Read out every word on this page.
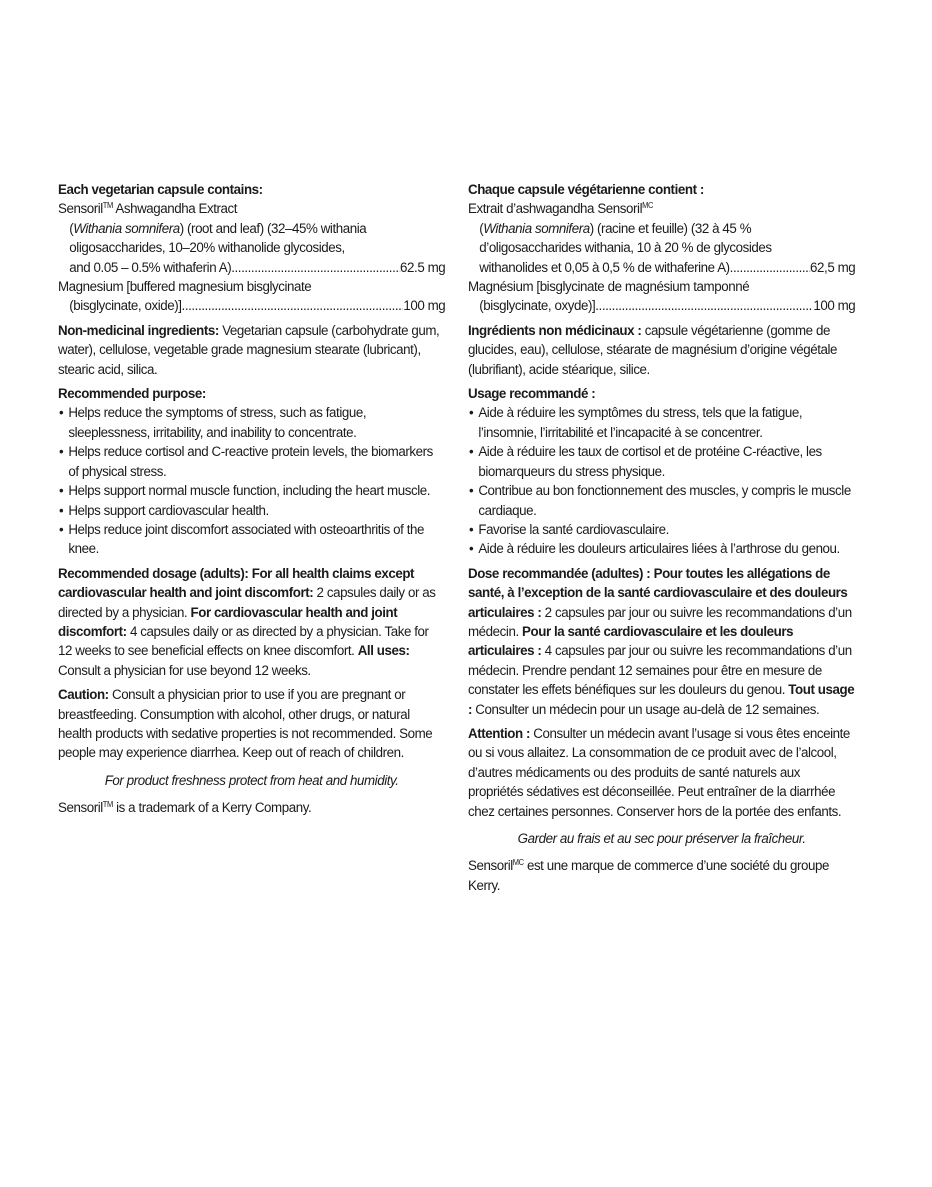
Each vegetarian capsule contains:
Sensoril™ Ashwagandha Extract
(Withania somnifera) (root and leaf) (32–45% withania
oligosaccharides, 10–20% withanolide glycosides,
and 0.05 – 0.5% withaferin A) .....	62.5 mg
Magnesium [buffered magnesium bisglycinate
(bisglycinate, oxide)] .....	100 mg
Non-medicinal ingredients: Vegetarian capsule (carbohydrate gum, water), cellulose, vegetable grade magnesium stearate (lubricant), stearic acid, silica.
Recommended purpose:
• Helps reduce the symptoms of stress, such as fatigue, sleeplessness, irritability, and inability to concentrate.
• Helps reduce cortisol and C-reactive protein levels, the biomarkers of physical stress.
• Helps support normal muscle function, including the heart muscle.
• Helps support cardiovascular health.
• Helps reduce joint discomfort associated with osteoarthritis of the knee.
Recommended dosage (adults): For all health claims except cardiovascular health and joint discomfort: 2 capsules daily or as directed by a physician. For cardiovascular health and joint discomfort: 4 capsules daily or as directed by a physician. Take for 12 weeks to see beneficial effects on knee discomfort. All uses: Consult a physician for use beyond 12 weeks.
Caution: Consult a physician prior to use if you are pregnant or breastfeeding. Consumption with alcohol, other drugs, or natural health products with sedative properties is not recommended. Some people may experience diarrhea. Keep out of reach of children.
For product freshness protect from heat and humidity.
Sensoril™ is a trademark of a Kerry Company.
Chaque capsule végétarienne contient :
Extrait d’ashwagandha Sensoril$^{MC}$
(Withania somnifera) (racine et feuille) (32 à 45 %
d’oligosaccharides withania, 10 à 20 % de glycosides
withanolides et 0,05 à 0,5 % de withaferine A) .....	62,5 mg
Magnésium [bisglycinate de magnésium tamponné
(bisglycinate, oxyde)] .....	100 mg
Ingrédients non médicinaux : capsule végétarienne (gomme de glucides, eau), cellulose, stéarate de magnésium d’origine végétale (lubrifiant), acide stéarique, silice.
Usage recommandé :
• Aide à réduire les symptômes du stress, tels que la fatigue, l’insomnie, l’irritabilité et l’incapacité à se concentrer.
• Aide à réduire les taux de cortisol et de protéine C-réactive, les biomarqueurs du stress physique.
• Contribue au bon fonctionnement des muscles, y compris le muscle cardiaque.
• Favorise la santé cardiovasculaire.
• Aide à réduire les douleurs articulaires liées à l’arthrose du genou.
Dose recommandée (adultes) : Pour toutes les allégations de santé, à l’exception de la santé cardiovasculaire et des douleurs articulaires : 2 capsules par jour ou suivre les recommandations d’un médecin. Pour la santé cardiovasculaire et les douleurs articulaires : 4 capsules par jour ou suivre les recommandations d’un médecin. Prendre pendant 12 semaines pour être en mesure de constater les effets bénéfiques sur les douleurs du genou. Tout usage : Consulter un médecin pour un usage au-delà de 12 semaines.
Attention : Consulter un médecin avant l’usage si vous êtes enceinte ou si vous allaitez. La consommation de ce produit avec de l’alcool, d’autres médicaments ou des produits de santé naturels aux propriétés sédatives est déconseillée. Peut entraîner de la diarrhée chez certaines personnes. Conserver hors de la portée des enfants.
Garder au frais et au sec pour préserver la fraîcheur.
Sensoril$^{MC}$ est une marque de commerce d’une société du groupe Kerry.
